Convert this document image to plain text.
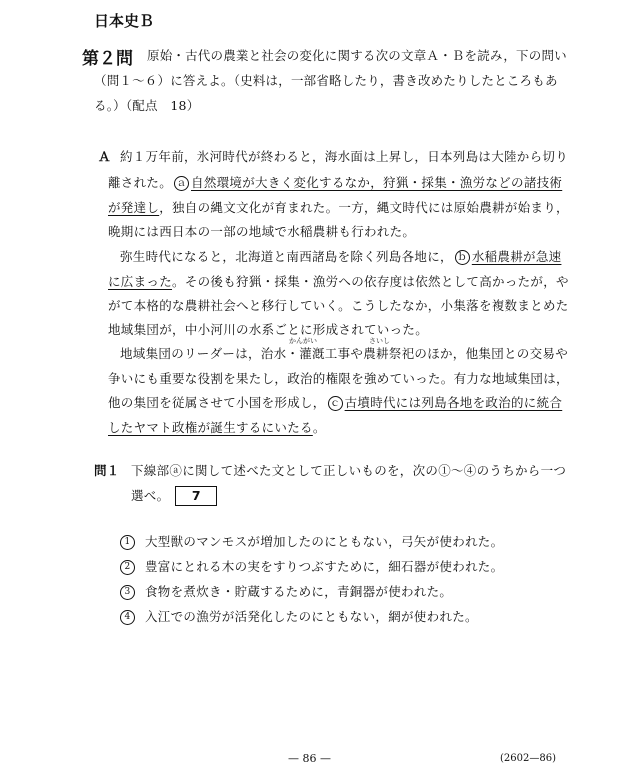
日本史Ｂ
第２問 原始・古代の農業と社会の変化に関する次の文章Ａ・Ｂを読み，下の問い
（問１～６）に答えよ。（史料は，一部省略したり，書き改めたりしたところもあ
る。）（配点　18）
Ａ 約１万年前，氷河時代が終わると，海水面は上昇し，日本列島は大陸から切り
離された。 ａ 自然環境が大きく変化するなか，狩猟・採集・漁労などの諸技術
が発達し，独自の縄文文化が育まれた。一方，縄文時代には原始農耕が始まり，
晩期には西日本の一部の地域で水稲農耕も行われた。
弥生時代になると，北海道と南西諸島を除く列島各地に， ｂ 水稲農耕が急速
に広まった。その後も狩猟・採集・漁労への依存度は依然として高かったが，や
がて本格的な農耕社会へと移行していく。こうしたなか，小集落を複数まとめた
地域集団が，中小河川の水系ごとに形成されていった。
かんがい	さいし
地域集団のリーダーは，治水・灌漑工事や農耕祭祀のほか，他集団との交易や
争いにも重要な役割を果たし，政治的権限を強めていった。有力な地域集団は，
他の集団を従属させて小国を形成し， ｃ 古墳時代には列島各地を政治的に統合
したヤマト政権が誕生するにいたる。
問１ 下線部ⓐに関して述べた文として正しいものを，次の①～④のうちから一つ
選べ。 7
1 大型獣のマンモスが増加したのにともない，弓矢が使われた。
2 豊富にとれる木の実をすりつぶすために，細石器が使われた。
3 食物を煮炊き・貯蔵するために，青銅器が使われた。
4 入江での漁労が活発化したのにともない，網が使われた。
— 86 —	(2602—86)
